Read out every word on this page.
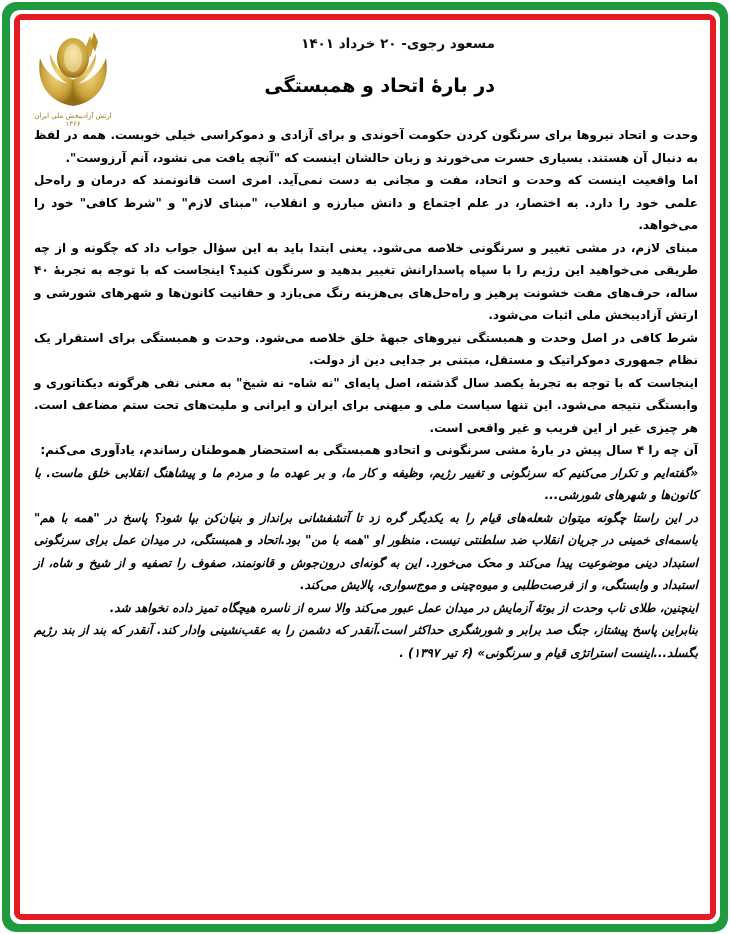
ارتش آزادیبخش ملی ایران ۱۳۶۶
مسعود رجوی- ۲۰ خرداد ۱۴۰۱
در بارهٔ اتحاد و همبستگی

وحدت و اتحاد نیروها برای سرنگون کردن حکومت آخوندی و برای آزادی و دموکراسی خیلی خوبست. همه در لفظ به دنبال آن هستند. بسیاری حسرت می‌خورند و زبان حالشان اینست که "آنچه یافت می نشود، آنم آرزوست".

اما واقعیت اینست که وحدت و اتحاد، مفت و مجانی به دست نمی‌آید. امری است قانونمند که درمان و راه‌حل علمی خود را دارد. به اختصار، در علم اجتماع و دانش مبارزه و انقلاب، "مبنای لازم" و "شرط کافی" خود را می‌خواهد.

مبنای لازم، در مشی تغییر و سرنگونی خلاصه می‌شود. یعنی ابتدا باید به این سؤال جواب داد که چگونه و از چه طریقی می‌خواهید این رژیم را با سپاه پاسدارانش تغییر بدهید و سرنگون کنید؟ اینجاست که با توجه به تجربهٔ ۴۰ ساله، حرف‌های مفت خشونت پرهیز و راه‌حل‌های بی‌هزینه رنگ می‌بازد و حقانیت کانون‌ها و شهرهای شورشی و ارتش آزادیبخش ملی اثبات می‌شود.

شرط کافی در اصل وحدت و همبستگی نیروهای جبههٔ خلق خلاصه می‌شود. وحدت و همبستگی برای استقرار یک نظام جمهوری دموکراتیک و مستقل، مبتنی بر جدایی دین از دولت.

اینجاست که با توجه به تجربهٔ یکصد سال گذشته، اصل پایه‌ای "نه شاه- نه شیخ" به معنی نفی هرگونه دیکتاتوری و وابستگی نتیجه می‌شود. این تنها سیاست ملی و میهنی برای ایران و ایرانی و ملیت‌های تحت ستم مضاعف است. هر چیزی غیر از این فریب و غیر واقعی است.

آن چه را ۴ سال پیش در بارهٔ مشی سرنگونی و اتحادو همبستگی به استحضار هموطنان رساندم، یادآوری می‌کنم:

«گفته‌ایم و تکرار می‌کنیم که سرنگونی و تغییر رژیم، وظیفه و کار ما، و بر عهده ما و مردم ما و پیشاهنگ انقلابی خلق ماست. با کانون‌ها و شهرهای شورشی...

در این راستا چگونه میتوان شعله‌های قیام را به یکدیگر گره زد تا آتشفشانی برانداز و بنیان‌کن بپا شود؟ پاسخ در "همه با هم" باسمه‌ای خمینی در جریان انقلاب ضد سلطنتی نیست. منظور او "همه با من" بود.اتحاد و همبستگی، در میدان عمل برای سرنگونی استبداد دینی موضوعیت پیدا می‌کند و محک می‌خورد. این به گونه‌ای درون‌جوش و قانونمند، صفوف را تصفیه و از شیخ و شاه، از استبداد و وابستگی، و از فرصت‌طلبی و میوه‌چینی و موج‌سواری، پالایش می‌کند.

اینچنین، طلای ناب وحدت از بوتهٔ آزمایش در میدان عمل عبور می‌کند والا سره از ناسره هیچگاه تمیز داده نخواهد شد.

بنابراین پاسخ پیشتاز، جنگ صد برابر و شورشگری حداکثر است.آنقدر که دشمن را به عقب‌نشینی وادار کند. آنقدر که بند از بند رژیم بگسلد...اینست استراتژی قیام و سرنگونی» (۶ تیر ۱۳۹۷) .
